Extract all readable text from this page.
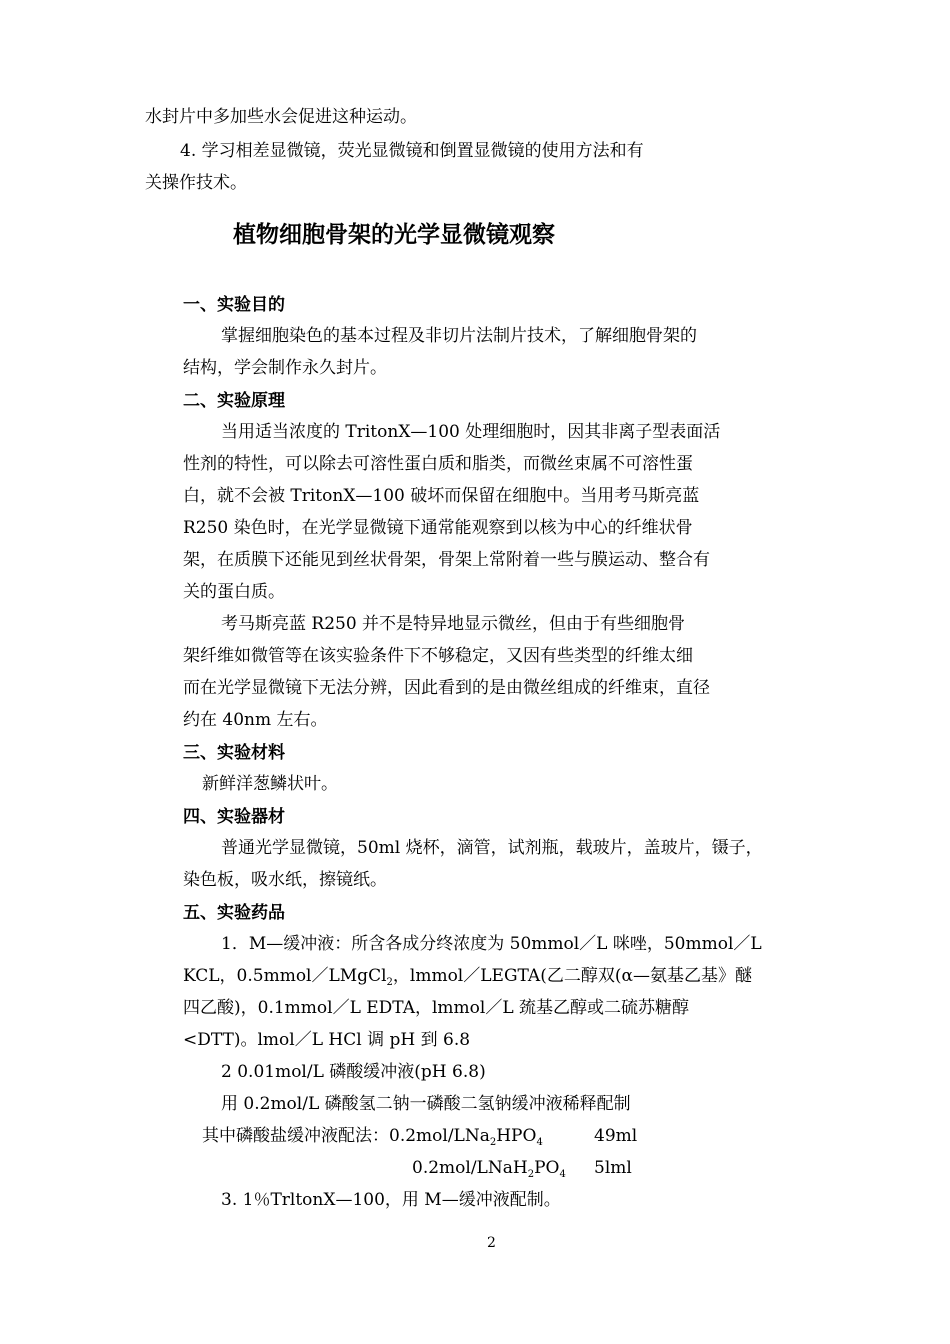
水封片中多加些水会促进这种运动。
4. 学习相差显微镜，荧光显微镜和倒置显微镜的使用方法和有
关操作技术。
植物细胞骨架的光学显微镜观察
一、实验目的
掌握细胞染色的基本过程及非切片法制片技术，了解细胞骨架的
结构，学会制作永久封片。
二、实验原理
当用适当浓度的 TritonX—100 处理细胞时，因其非离子型表面活
性剂的特性，可以除去可溶性蛋白质和脂类，而微丝束属不可溶性蛋
白，就不会被 TritonX—100 破坏而保留在细胞中。当用考马斯亮蓝
R250 染色时，在光学显微镜下通常能观察到以核为中心的纤维状骨
架，在质膜下还能见到丝状骨架，骨架上常附着一些与膜运动、整合有
关的蛋白质。
考马斯亮蓝 R250 并不是特异地显示微丝，但由于有些细胞骨
架纤维如微管等在该实验条件下不够稳定，又因有些类型的纤维太细
而在光学显微镜下无法分辨，因此看到的是由微丝组成的纤维束，直径
约在 40nm 左右。
三、实验材料
新鲜洋葱鳞状叶。
四、实验器材
普通光学显微镜，50ml 烧杯，滴管，试剂瓶，载玻片，盖玻片，镊子，
染色板，吸水纸，擦镜纸。
五、实验药品
1．M—缓冲液：所含各成分终浓度为 50mmol／L 咪唑，50mmol／L
KCL，0.5mmol／LMgCl$_2$，lmmol／LEGTA(乙二醇双(α—氨基乙基》醚
四乙酸)，0.1mmol／L EDTA，lmmol／L 巯基乙醇或二硫苏糖醇
<DTT)。lmol／L HCl 调 pH 到 6.8
2 0.01mol/L 磷酸缓冲液(pH 6.8)
用 0.2mol/L 磷酸氢二钠一磷酸二氢钠缓冲液稀释配制
其中磷酸盐缓冲液配法：$0.2mol/LNa_2HPO_4$	49ml
$0.2mol/LNaH_2PO_4$ 5lml
3. 1％TrltonX—100，用 M—缓冲液配制。
2
